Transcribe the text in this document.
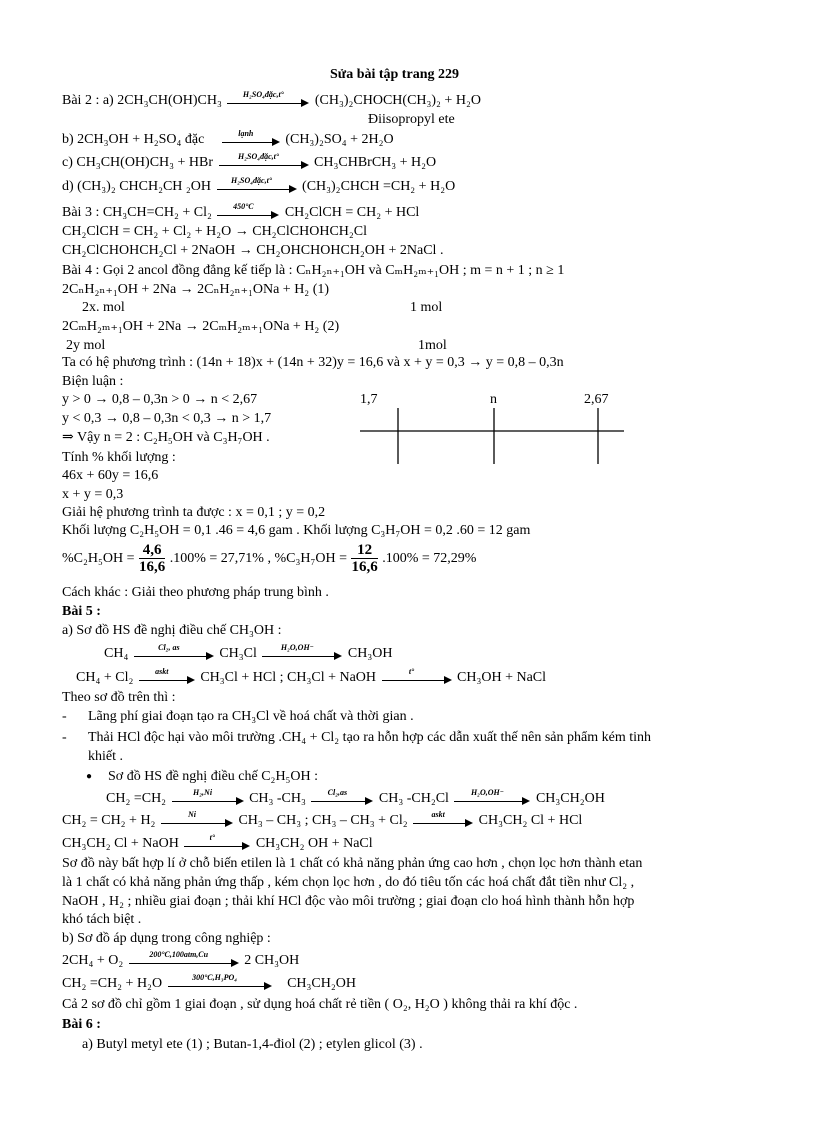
Sửa bài tập trang 229
Bài 2 : a) 2CH₃CH(OH)CH₃	H₂SO₄đặc,t°	(CH₃)₂CHOCH(CH₃)₂ + H₂O
Điisopropyl ete
b) 2CH₃OH + H₂SO₄ đặc	lạnh	(CH₃)₂SO₄ + 2H₂O
c) CH₃CH(OH)CH₃ + HBr	H₂SO₄đặc,t°	CH₃CHBrCH₃ + H₂O
d) (CH₃)₂ CHCH₂CH ₂OH	H₂SO₄đặc,t°	(CH₃)₂CHCH =CH₂ + H₂O
Bài 3 : CH₃CH=CH₂ + Cl₂	450°C	CH₂ClCH = CH₂ + HCl
CH₂ClCH = CH₂ + Cl₂ + H₂O → CH₂ClCHOHCH₂Cl
CH₂ClCHOHCH₂Cl + 2NaOH → CH₂OHCHOHCH₂OH + 2NaCl .
Bài 4 : Gọi 2 ancol đồng đẳng kế tiếp là : CₙH₂ₙ₊₁OH và CₘH₂ₘ₊₁OH ; m = n + 1 ; n ≥ 1
2CₙH₂ₙ₊₁OH + 2Na → 2CₙH₂ₙ₊₁ONa + H₂ (1)
2x. mol	1 mol
2CₘH₂ₘ₊₁OH + 2Na → 2CₘH₂ₘ₊₁ONa + H₂ (2)
2y mol	1mol
Ta có hệ phương trình : (14n + 18)x + (14n + 32)y = 16,6 và x + y = 0,3 → y = 0,8 – 0,3n
Biện luận :
y > 0 → 0,8 – 0,3n > 0 → n < 2,67
y < 0,3 → 0,8 – 0,3n < 0,3 → n > 1,7
⇒ Vậy n = 2 : C₂H₅OH và C₃H₇OH .
1,7	n	2,67
Tính % khối lượng :
46x + 60y = 16,6
x + y = 0,3
Giải hệ phương trình ta được : x = 0,1 ; y = 0,2
Khối lượng C₂H₅OH = 0,1 .46 = 4,6 gam . Khối lượng C₃H₇OH = 0,2 .60 = 12 gam
$\%C_2H_5OH = \frac{4,6}{16,6} .100\% = 27,71\%$ , $\%C_3H_7OH = \frac{12}{16,6} .100\% = 72,29\%$
Cách khác : Giải theo phương pháp trung bình .
Bài 5 :
a) Sơ đồ HS đề nghị điều chế CH₃OH :
CH₄	Cl₂, as	CH₃Cl	H₂O,OH⁻	CH₃OH
CH₄ + Cl₂	askt	CH₃Cl + HCl ; CH₃Cl + NaOH	t°	CH₃OH + NaCl
Theo sơ đồ trên thì :
- Lãng phí giai đoạn tạo ra CH₃Cl về hoá chất và thời gian .
- Thải HCl độc hại vào môi trường .CH₄ + Cl₂ tạo ra hỗn hợp các dẫn xuất thế nên sản phẩm kém tinh
khiết .
● Sơ đồ HS đề nghị điều chế C₂H₅OH :
CH₂ =CH₂	H₂,Ni	CH₃ -CH₃	Cl₂,as	CH₃ -CH₂Cl	H₂O,OH⁻	CH₃CH₂OH
CH₂ = CH₂ + H₂	Ni	CH₃ – CH₃ ; CH₃ – CH₃ + Cl₂	askt	CH₃CH₂ Cl + HCl
CH₃CH₂ Cl + NaOH	t°	CH₃CH₂ OH + NaCl
Sơ đồ này bất hợp lí ở chỗ biến etilen là 1 chất có khả năng phản ứng cao hơn , chọn lọc hơn thành etan
là 1 chất có khả năng phản ứng thấp , kém chọn lọc hơn , do đó tiêu tốn các hoá chất đắt tiền như Cl₂ ,
NaOH , H₂ ; nhiều giai đoạn ; thải khí HCl độc vào môi trường ; giai đoạn clo hoá hình thành hỗn hợp
khó tách biệt .
b) Sơ đồ áp dụng trong công nghiệp :
2CH₄ + O₂	200°C,100atm,Cu	2 CH₃OH
CH₂ =CH₂ + H₂O	300°C,H₃PO₄	CH₃CH₂OH
Cả 2 sơ đồ chỉ gồm 1 giai đoạn , sử dụng hoá chất rẻ tiền ( O₂, H₂O ) không thải ra khí độc .
Bài 6 :
a) Butyl metyl ete (1) ; Butan-1,4-điol (2) ; etylen glicol (3) .
